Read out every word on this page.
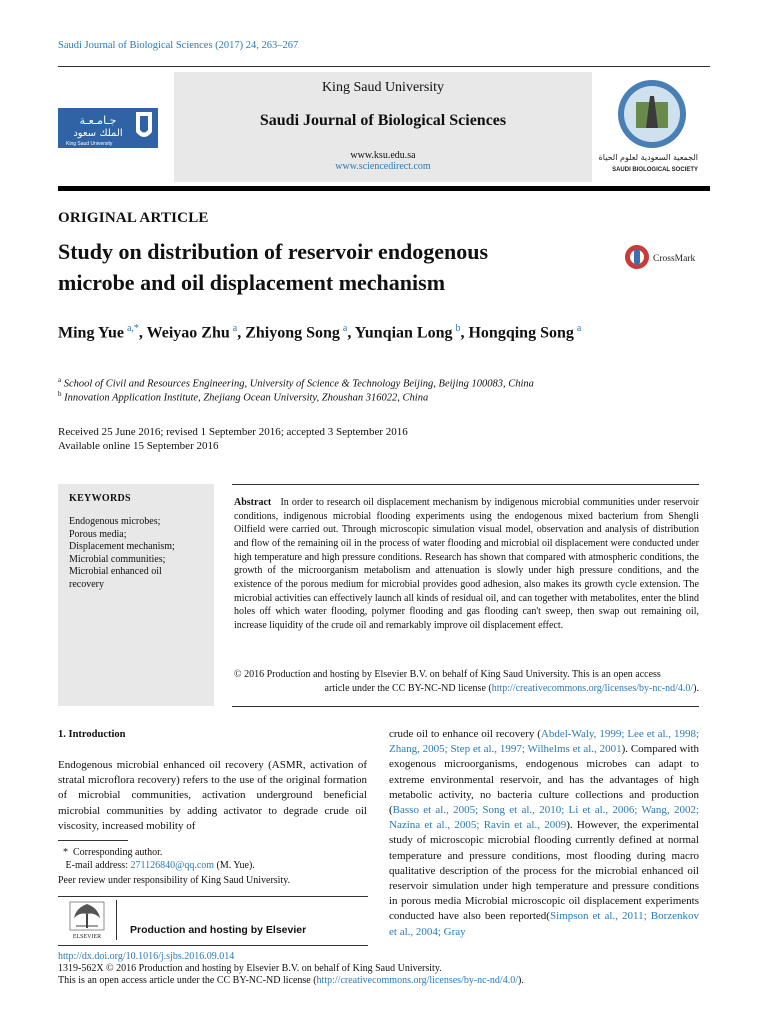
Saudi Journal of Biological Sciences (2017) 24, 263–267
جـامـعـة
الملك سعود
King Saud University
King Saud University
Saudi Journal of Biological Sciences
www.ksu.edu.sa
www.sciencedirect.com
الجمعية السعودية لعلوم الحياة
SAUDI BIOLOGICAL SOCIETY
ORIGINAL ARTICLE
Study on distribution of reservoir endogenous
microbe and oil displacement mechanism
CrossMark
Ming Yue $^{a,*}$, Weiyao Zhu $^a$, Zhiyong Song $^a$, Yunqian Long $^b$, Hongqing Song $^a$
$^a$ School of Civil and Resources Engineering, University of Science & Technology Beijing, Beijing 100083, China
$^b$ Innovation Application Institute, Zhejiang Ocean University, Zhoushan 316022, China
Received 25 June 2016; revised 1 September 2016; accepted 3 September 2016
Available online 15 September 2016
KEYWORDS
Endogenous microbes;
Porous media;
Displacement mechanism;
Microbial communities;
Microbial enhanced oil
recovery
Abstract In order to research oil displacement mechanism by indigenous microbial communities under reservoir conditions, indigenous microbial flooding experiments using the endogenous mixed bacterium from Shengli Oilfield were carried out. Through microscopic simulation visual model, observation and analysis of distribution and flow of the remaining oil in the process of water flooding and microbial oil displacement were conducted under high temperature and high pressure conditions. Research has shown that compared with atmospheric conditions, the growth of the microorganism metabolism and attenuation is slowly under high pressure conditions, and the existence of the porous medium for microbial provides good adhesion, also makes its growth cycle extension. The microbial activities can effectively launch all kinds of residual oil, and can together with metabolites, enter the blind holes off which water flooding, polymer flooding and gas flooding can't sweep, then swap out remaining oil, increase liquidity of the crude oil and remarkably improve oil displacement effect.
© 2016 Production and hosting by Elsevier B.V. on behalf of King Saud University. This is an open access
article under the CC BY-NC-ND license (http://creativecommons.org/licenses/by-nc-nd/4.0/).
1. Introduction
Endogenous microbial enhanced oil recovery (ASMR, activation of stratal microflora recovery) refers to the use of the original formation of microbial communities, activation underground beneficial microbial communities by adding activator to degrade crude oil viscosity, increased mobility of
crude oil to enhance oil recovery (Abdel-Waly, 1999; Lee et al., 1998; Zhang, 2005; Step et al., 1997; Wilhelms et al., 2001). Compared with exogenous microorganisms, endogenous microbes can adapt to extreme environmental reservoir, and has the advantages of high metabolic activity, no bacteria culture collections and production (Basso et al., 2005; Song et al., 2010; Li et al., 2006; Wang, 2002; Nazina et al., 2005; Ravin et al., 2009). However, the experimental study of microscopic microbial flooding currently defined at normal temperature and pressure conditions, most flooding during macro qualitative description of the process for the microbial enhanced oil reservoir simulation under high temperature and pressure conditions in porous media Microbial microscopic oil displacement experiments conducted have also been reported(Simpson et al., 2011; Borzenkov et al., 2004; Gray
*  Corresponding author.
E-mail address: 271126840@qq.com (M. Yue).
Peer review under responsibility of King Saud University.
ELSEVIER
Production and hosting by Elsevier
http://dx.doi.org/10.1016/j.sjbs.2016.09.014
1319-562X © 2016 Production and hosting by Elsevier B.V. on behalf of King Saud University.
This is an open access article under the CC BY-NC-ND license (http://creativecommons.org/licenses/by-nc-nd/4.0/).
